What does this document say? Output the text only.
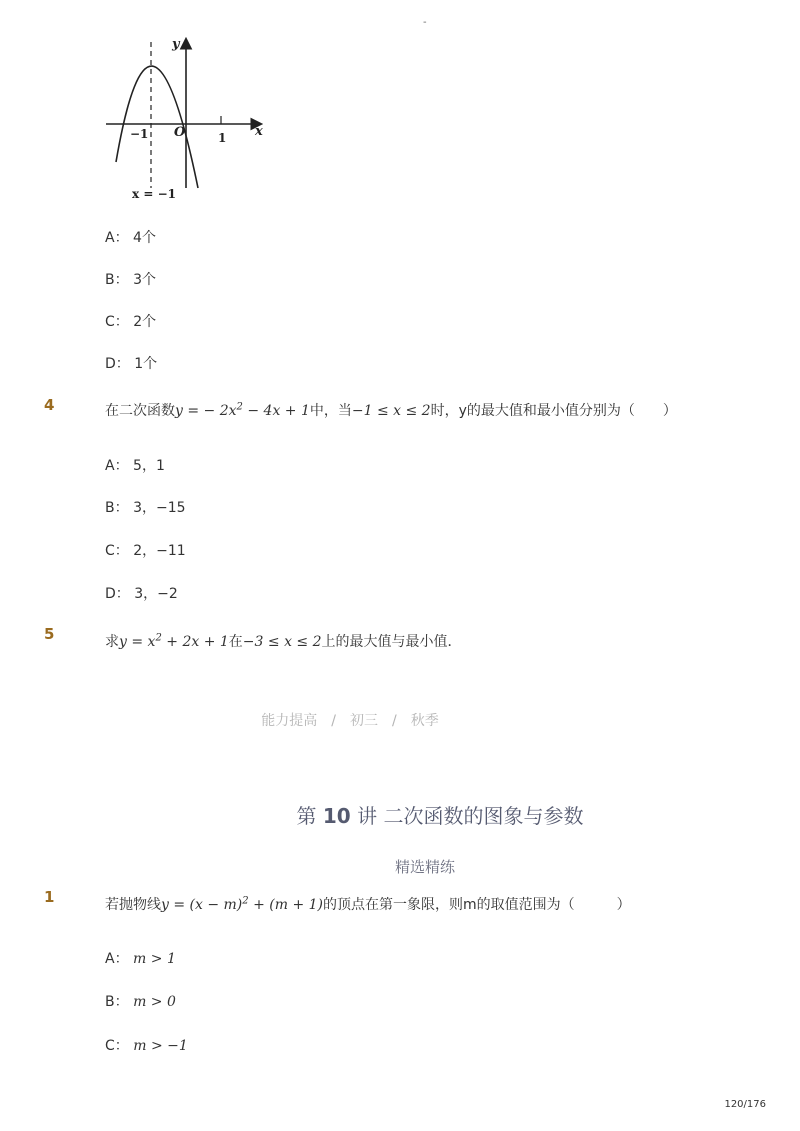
-
y
x
O
−1	1
x = −1
A： 4个
B： 3个
C： 2个
D： 1个
4	在二次函数y = − $2x^2 - 4x + 1$中，当−1 ≤ x ≤ 2时，y的最大值和最小值分别为（　　）
A： 5，1
B： 3，−15
C： 2，−11
D： 3，−2
5	求$y = x^2 + 2x + 1$在−3 ≤ x ≤ 2上的最大值与最小值．
能力提高　/　初三　/　秋季
第 10 讲 二次函数的图象与参数
精选精练
1	若抛物线$y = (x - m)^2 + (m + 1)$的顶点在第一象限，则m的取值范围为（　　　）
A： m > 1
B： m > 0
C： m > −1
120/176
